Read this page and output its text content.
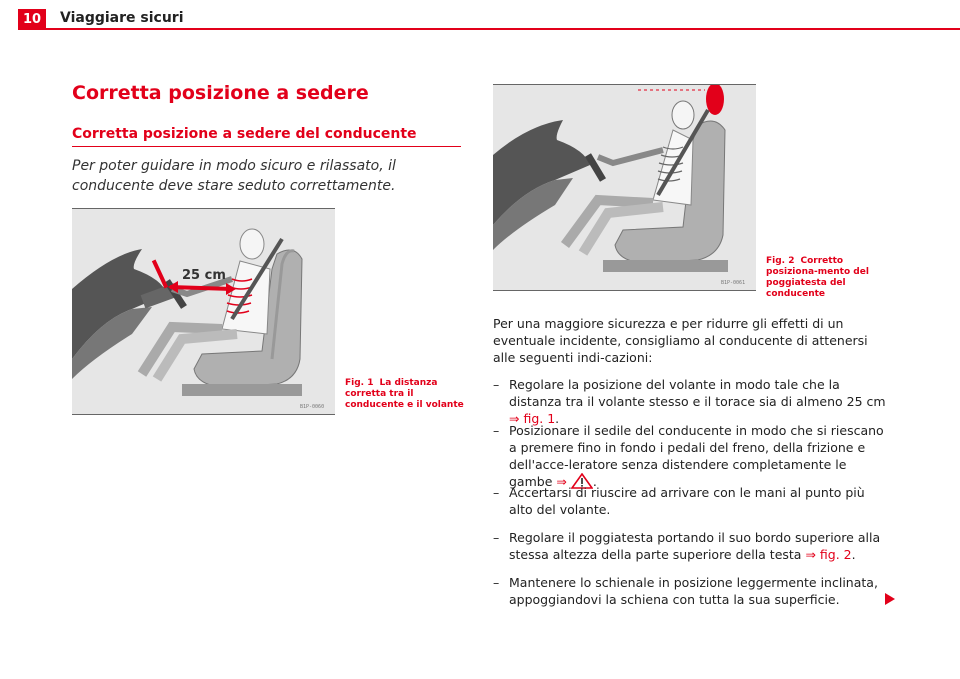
10	Viaggiare sicuri
Corretta posizione a sedere
Corretta posizione a sedere del conducente
Per poter guidare in modo sicuro e rilassato, il conducente deve stare seduto correttamente.
25 cm
B1P-0060
Fig. 1 La distanza corretta tra il conducente e il volante
B1P-0061
Fig. 2 Corretto posiziona-mento del poggiatesta del conducente
Per una maggiore sicurezza e per ridurre gli effetti di un eventuale incidente, consigliamo al conducente di attenersi alle seguenti indi-cazioni:
– Regolare la posizione del volante in modo tale che la distanza tra il volante stesso e il torace sia di almeno 25 cm ⇒ fig. 1.
– Posizionare il sedile del conducente in modo che si riescano a premere fino in fondo i pedali del freno, della frizione e dell'acce-leratore senza distendere completamente le gambe ⇒ .
– Accertarsi di riuscire ad arrivare con le mani al punto più alto del volante.
– Regolare il poggiatesta portando il suo bordo superiore alla stessa altezza della parte superiore della testa ⇒ fig. 2.
– Mantenere lo schienale in posizione leggermente inclinata, appoggiandovi la schiena con tutta la sua superficie.
